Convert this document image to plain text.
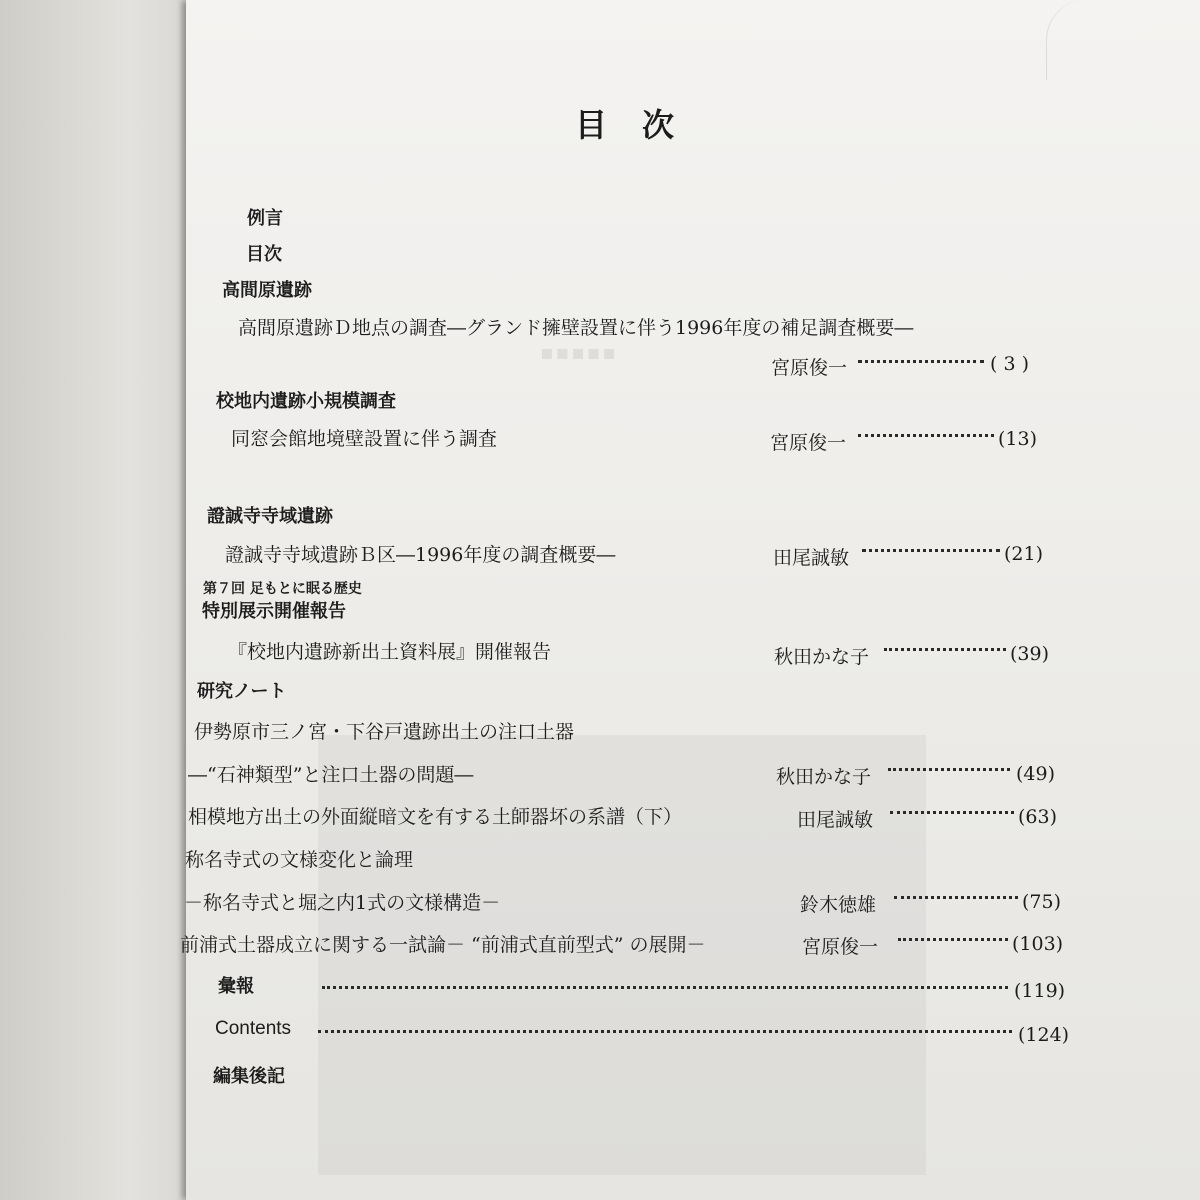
▪▪▪▪▪
目 次
例言
目次
高間原遺跡
高間原遺跡Ｄ地点の調査―グランド擁壁設置に伴う1996年度の補足調査概要―
宮原俊一	( 3 )
校地内遺跡小規模調査
同窓会館地境壁設置に伴う調査	宮原俊一	(13)
證誠寺寺域遺跡
證誠寺寺域遺跡Ｂ区―1996年度の調査概要―	田尾誠敏	(21)
第７回 足もとに眠る歴史
特別展示開催報告
『校地内遺跡新出土資料展』開催報告	秋田かな子	(39)
研究ノート
伊勢原市三ノ宮・下谷戸遺跡出土の注口土器
―“石神類型”と注口土器の問題―	秋田かな子	(49)
相模地方出土の外面縦暗文を有する土師器坏の系譜（下）	田尾誠敏	(63)
称名寺式の文様変化と論理
－称名寺式と堀之内1式の文様構造－	鈴木徳雄	(75)
前浦式土器成立に関する一試論－ “前浦式直前型式” の展開－	宮原俊一	(103)
彙報	(119)
Contents	(124)
編集後記
